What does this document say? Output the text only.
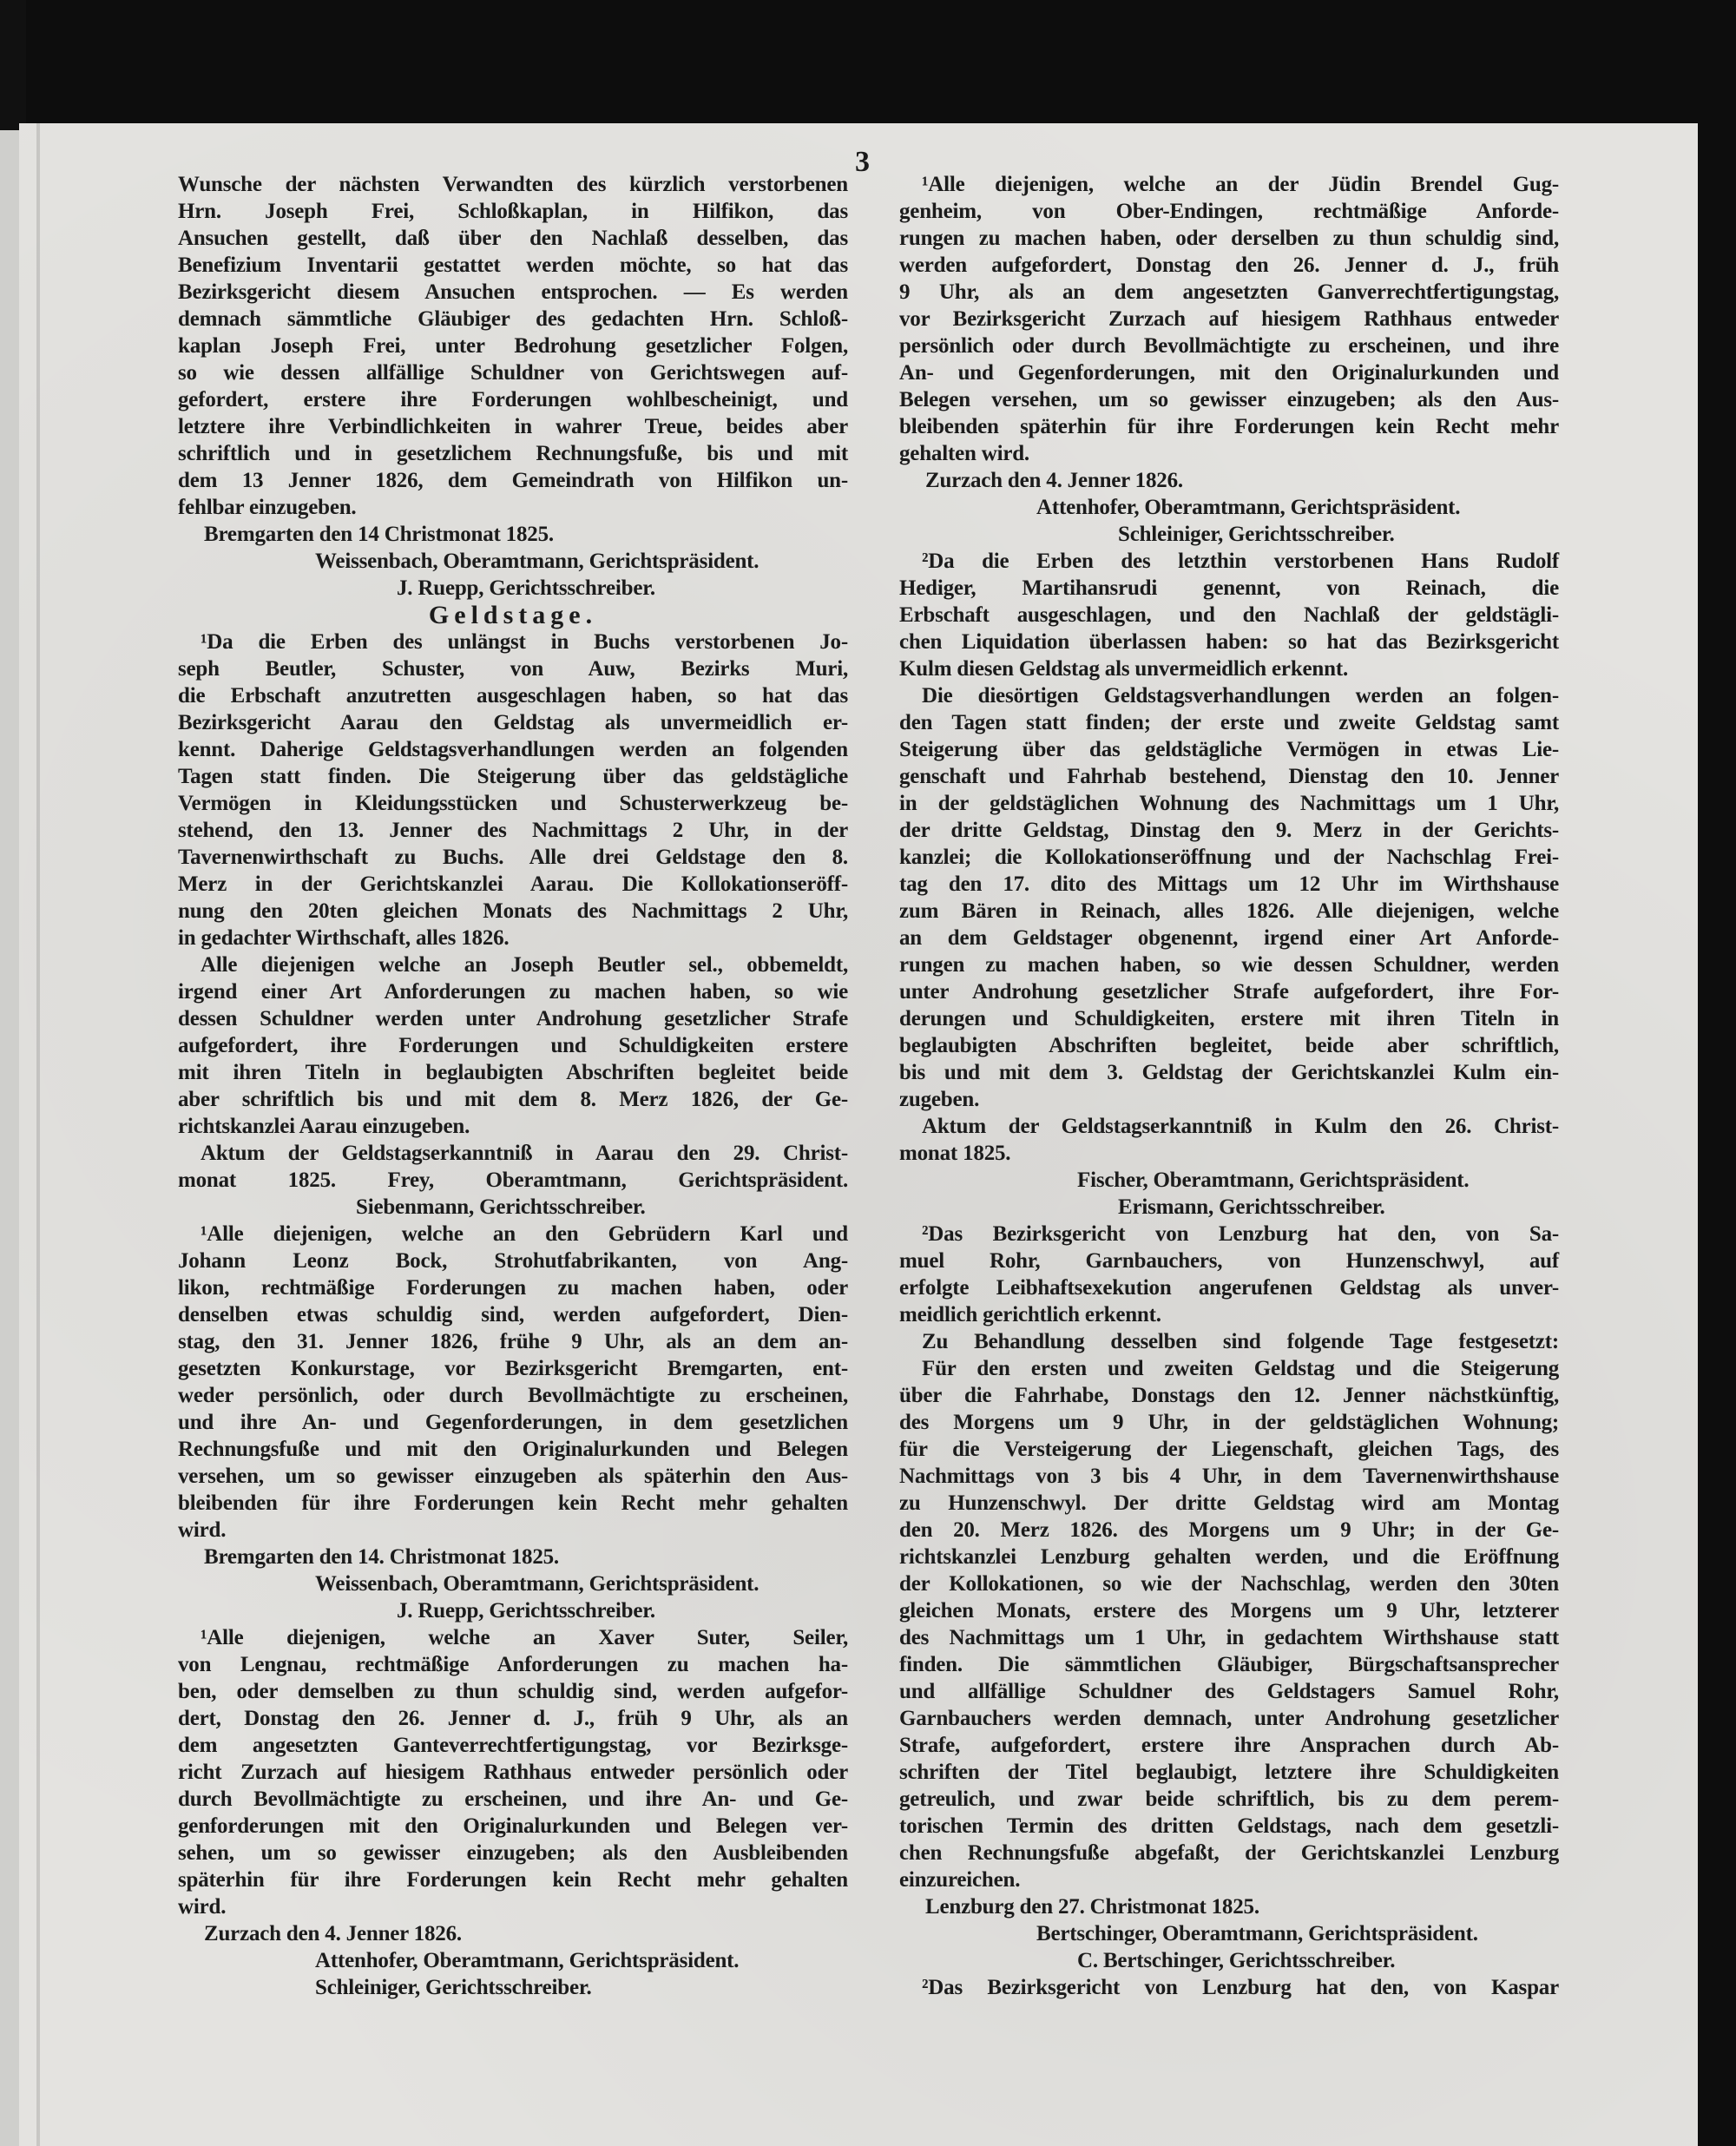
3
Wunsche der nächsten Verwandten des kürzlich verstorbenen
Hrn. Joseph Frei, Schloßkaplan, in Hilfikon, das
Ansuchen gestellt, daß über den Nachlaß desselben, das
Benefizium Inventarii gestattet werden möchte, so hat das
Bezirksgericht diesem Ansuchen entsprochen. — Es werden
demnach sämmtliche Gläubiger des gedachten Hrn. Schloß-
kaplan Joseph Frei, unter Bedrohung gesetzlicher Folgen,
so wie dessen allfällige Schuldner von Gerichtswegen auf-
gefordert, erstere ihre Forderungen wohlbescheinigt, und
letztere ihre Verbindlichkeiten in wahrer Treue, beides aber
schriftlich und in gesetzlichem Rechnungsfuße, bis und mit
dem 13 Jenner 1826, dem Gemeindrath von Hilfikon un-
fehlbar einzugeben.
Bremgarten den 14 Christmonat 1825.
Weissenbach, Oberamtmann, Gerichtspräsident.
J. Ruepp, Gerichtsschreiber.
Geldstage.
¹Da die Erben des unlängst in Buchs verstorbenen Jo-
seph Beutler, Schuster, von Auw, Bezirks Muri,
die Erbschaft anzutretten ausgeschlagen haben, so hat das
Bezirksgericht Aarau den Geldstag als unvermeidlich er-
kennt. Daherige Geldstagsverhandlungen werden an folgenden
Tagen statt finden. Die Steigerung über das geldstägliche
Vermögen in Kleidungsstücken und Schusterwerkzeug be-
stehend, den 13. Jenner des Nachmittags 2 Uhr, in der
Tavernenwirthschaft zu Buchs. Alle drei Geldstage den 8.
Merz in der Gerichtskanzlei Aarau. Die Kollokationseröff-
nung den 20ten gleichen Monats des Nachmittags 2 Uhr,
in gedachter Wirthschaft, alles 1826.
Alle diejenigen welche an Joseph Beutler sel., obbemeldt,
irgend einer Art Anforderungen zu machen haben, so wie
dessen Schuldner werden unter Androhung gesetzlicher Strafe
aufgefordert, ihre Forderungen und Schuldigkeiten erstere
mit ihren Titeln in beglaubigten Abschriften begleitet beide
aber schriftlich bis und mit dem 8. Merz 1826, der Ge-
richtskanzlei Aarau einzugeben.
Aktum der Geldstagserkanntniß in Aarau den 29. Christ-
monat 1825. Frey, Oberamtmann, Gerichtspräsident.
Siebenmann, Gerichtsschreiber.
¹Alle diejenigen, welche an den Gebrüdern Karl und
Johann Leonz Bock, Strohutfabrikanten, von Ang-
likon, rechtmäßige Forderungen zu machen haben, oder
denselben etwas schuldig sind, werden aufgefordert, Dien-
stag, den 31. Jenner 1826, frühe 9 Uhr, als an dem an-
gesetzten Konkurstage, vor Bezirksgericht Bremgarten, ent-
weder persönlich, oder durch Bevollmächtigte zu erscheinen,
und ihre An- und Gegenforderungen, in dem gesetzlichen
Rechnungsfuße und mit den Originalurkunden und Belegen
versehen, um so gewisser einzugeben als späterhin den Aus-
bleibenden für ihre Forderungen kein Recht mehr gehalten
wird.
Bremgarten den 14. Christmonat 1825.
Weissenbach, Oberamtmann, Gerichtspräsident.
J. Ruepp, Gerichtsschreiber.
¹Alle diejenigen, welche an Xaver Suter, Seiler,
von Lengnau, rechtmäßige Anforderungen zu machen ha-
ben, oder demselben zu thun schuldig sind, werden aufgefor-
dert, Donstag den 26. Jenner d. J., früh 9 Uhr, als an
dem angesetzten Ganteverrechtfertigungstag, vor Bezirksge-
richt Zurzach auf hiesigem Rathhaus entweder persönlich oder
durch Bevollmächtigte zu erscheinen, und ihre An- und Ge-
genforderungen mit den Originalurkunden und Belegen ver-
sehen, um so gewisser einzugeben; als den Ausbleibenden
späterhin für ihre Forderungen kein Recht mehr gehalten
wird.
Zurzach den 4. Jenner 1826.
Attenhofer, Oberamtmann, Gerichtspräsident.
Schleiniger, Gerichtsschreiber.
¹Alle diejenigen, welche an der Jüdin Brendel Gug-
genheim, von Ober-Endingen, rechtmäßige Anforde-
rungen zu machen haben, oder derselben zu thun schuldig sind,
werden aufgefordert, Donstag den 26. Jenner d. J., früh
9 Uhr, als an dem angesetzten Ganverrechtfertigungstag,
vor Bezirksgericht Zurzach auf hiesigem Rathhaus entweder
persönlich oder durch Bevollmächtigte zu erscheinen, und ihre
An- und Gegenforderungen, mit den Originalurkunden und
Belegen versehen, um so gewisser einzugeben; als den Aus-
bleibenden späterhin für ihre Forderungen kein Recht mehr
gehalten wird.
Zurzach den 4. Jenner 1826.
Attenhofer, Oberamtmann, Gerichtspräsident.
Schleiniger, Gerichtsschreiber.
²Da die Erben des letzthin verstorbenen Hans Rudolf
Hediger, Martihansrudi genennt, von Reinach, die
Erbschaft ausgeschlagen, und den Nachlaß der geldstägli-
chen Liquidation überlassen haben: so hat das Bezirksgericht
Kulm diesen Geldstag als unvermeidlich erkennt.
Die diesörtigen Geldstagsverhandlungen werden an folgen-
den Tagen statt finden; der erste und zweite Geldstag samt
Steigerung über das geldstägliche Vermögen in etwas Lie-
genschaft und Fahrhab bestehend, Dienstag den 10. Jenner
in der geldstäglichen Wohnung des Nachmittags um 1 Uhr,
der dritte Geldstag, Dinstag den 9. Merz in der Gerichts-
kanzlei; die Kollokationseröffnung und der Nachschlag Frei-
tag den 17. dito des Mittags um 12 Uhr im Wirthshause
zum Bären in Reinach, alles 1826. Alle diejenigen, welche
an dem Geldstager obgenennt, irgend einer Art Anforde-
rungen zu machen haben, so wie dessen Schuldner, werden
unter Androhung gesetzlicher Strafe aufgefordert, ihre For-
derungen und Schuldigkeiten, erstere mit ihren Titeln in
beglaubigten Abschriften begleitet, beide aber schriftlich,
bis und mit dem 3. Geldstag der Gerichtskanzlei Kulm ein-
zugeben.
Aktum der Geldstagserkanntniß in Kulm den 26. Christ-
monat 1825.
Fischer, Oberamtmann, Gerichtspräsident.
Erismann, Gerichtsschreiber.
²Das Bezirksgericht von Lenzburg hat den, von Sa-
muel Rohr, Garnbauchers, von Hunzenschwyl, auf
erfolgte Leibhaftsexekution angerufenen Geldstag als unver-
meidlich gerichtlich erkennt.
Zu Behandlung desselben sind folgende Tage festgesetzt:
Für den ersten und zweiten Geldstag und die Steigerung
über die Fahrhabe, Donstags den 12. Jenner nächstkünftig,
des Morgens um 9 Uhr, in der geldstäglichen Wohnung;
für die Versteigerung der Liegenschaft, gleichen Tags, des
Nachmittags von 3 bis 4 Uhr, in dem Tavernenwirthshause
zu Hunzenschwyl. Der dritte Geldstag wird am Montag
den 20. Merz 1826. des Morgens um 9 Uhr; in der Ge-
richtskanzlei Lenzburg gehalten werden, und die Eröffnung
der Kollokationen, so wie der Nachschlag, werden den 30ten
gleichen Monats, erstere des Morgens um 9 Uhr, letzterer
des Nachmittags um 1 Uhr, in gedachtem Wirthshause statt
finden. Die sämmtlichen Gläubiger, Bürgschaftsansprecher
und allfällige Schuldner des Geldstagers Samuel Rohr,
Garnbauchers werden demnach, unter Androhung gesetzlicher
Strafe, aufgefordert, erstere ihre Ansprachen durch Ab-
schriften der Titel beglaubigt, letztere ihre Schuldigkeiten
getreulich, und zwar beide schriftlich, bis zu dem perem-
torischen Termin des dritten Geldstags, nach dem gesetzli-
chen Rechnungsfuße abgefaßt, der Gerichtskanzlei Lenzburg
einzureichen.
Lenzburg den 27. Christmonat 1825.
Bertschinger, Oberamtmann, Gerichtspräsident.
C. Bertschinger, Gerichtsschreiber.
²Das Bezirksgericht von Lenzburg hat den, von Kaspar
